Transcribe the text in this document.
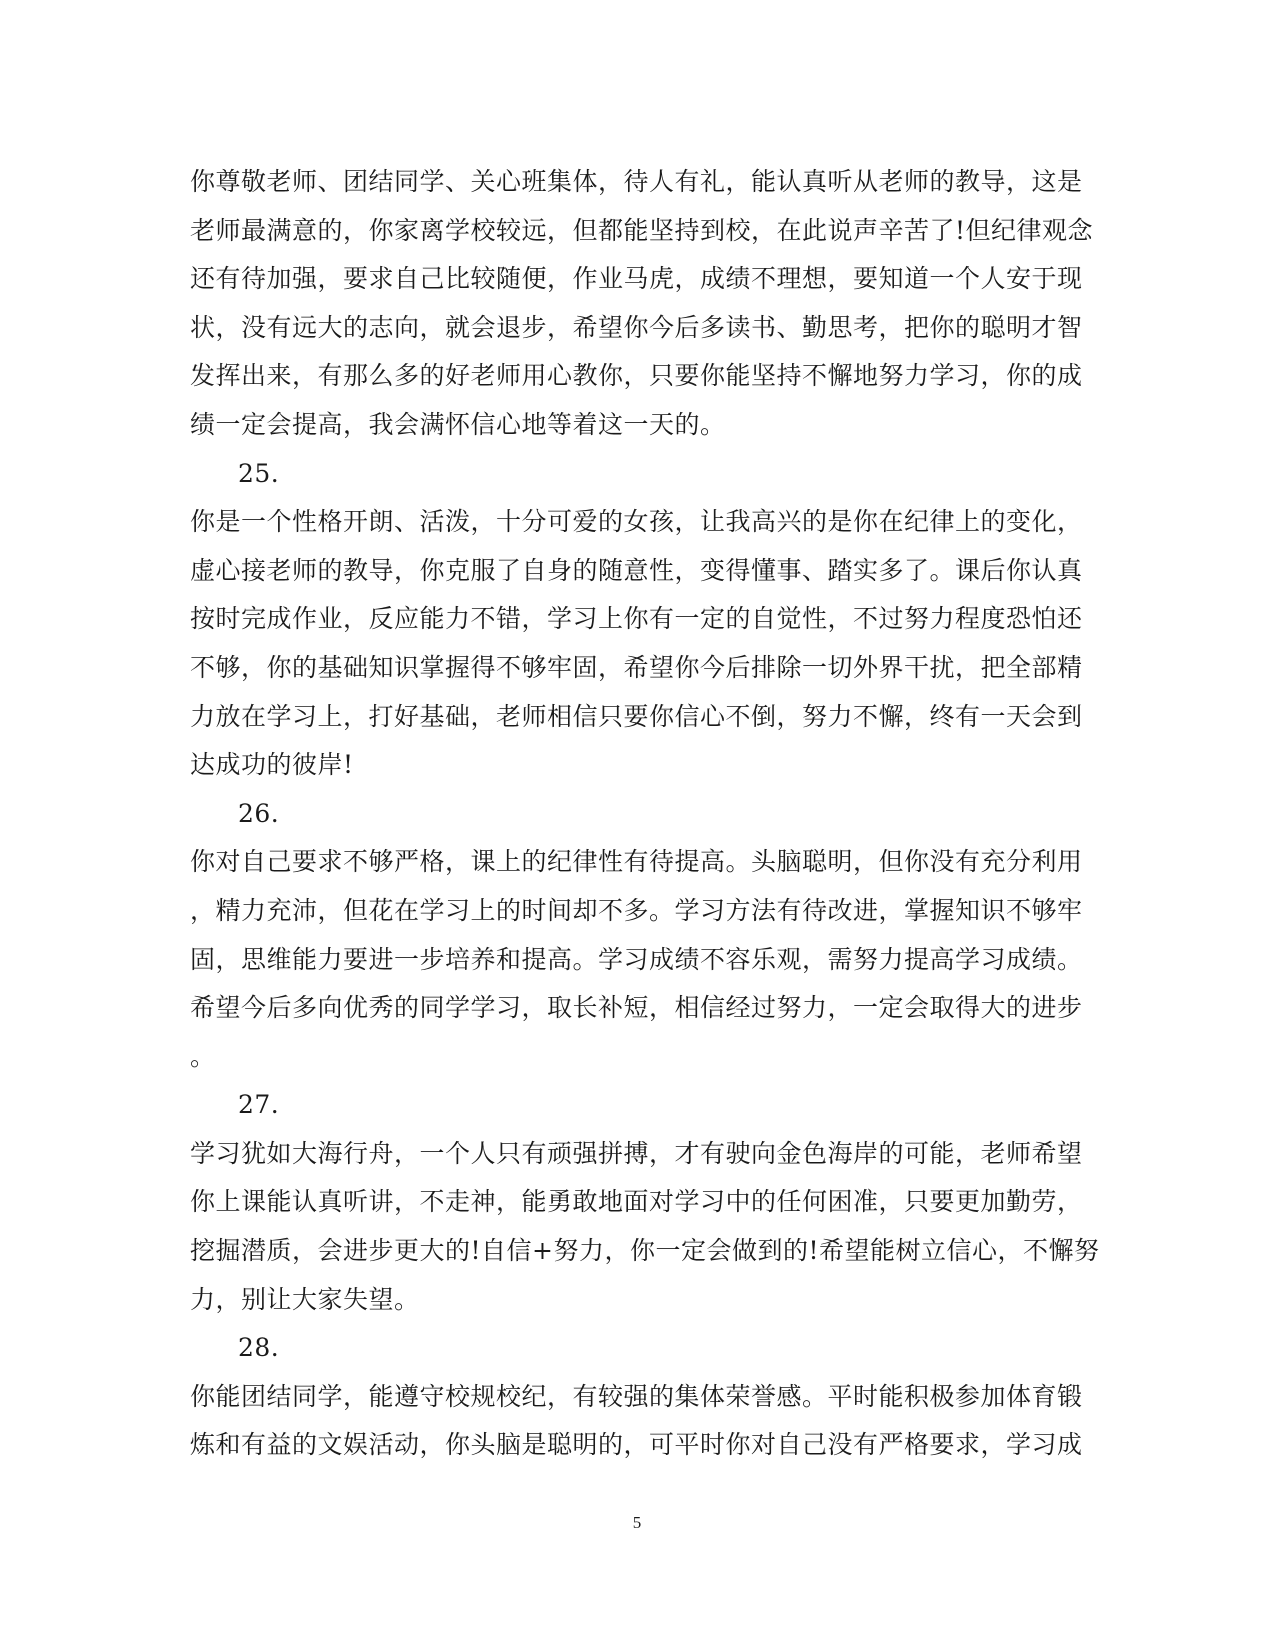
你尊敬老师、团结同学、关心班集体，待人有礼，能认真听从老师的教导，这是
老师最满意的，你家离学校较远，但都能坚持到校，在此说声辛苦了!但纪律观念
还有待加强，要求自己比较随便，作业马虎，成绩不理想，要知道一个人安于现
状，没有远大的志向，就会退步，希望你今后多读书、勤思考，把你的聪明才智
发挥出来，有那么多的好老师用心教你，只要你能坚持不懈地努力学习，你的成
绩一定会提高，我会满怀信心地等着这一天的。
25.
你是一个性格开朗、活泼，十分可爱的女孩，让我高兴的是你在纪律上的变化，
虚心接老师的教导，你克服了自身的随意性，变得懂事、踏实多了。课后你认真
按时完成作业，反应能力不错，学习上你有一定的自觉性，不过努力程度恐怕还
不够，你的基础知识掌握得不够牢固，希望你今后排除一切外界干扰，把全部精
力放在学习上，打好基础，老师相信只要你信心不倒，努力不懈，终有一天会到
达成功的彼岸!
26.
你对自己要求不够严格，课上的纪律性有待提高。头脑聪明，但你没有充分利用
，精力充沛，但花在学习上的时间却不多。学习方法有待改进，掌握知识不够牢
固，思维能力要进一步培养和提高。学习成绩不容乐观，需努力提高学习成绩。
希望今后多向优秀的同学学习，取长补短，相信经过努力，一定会取得大的进步
。
27.
学习犹如大海行舟，一个人只有顽强拼搏，才有驶向金色海岸的可能，老师希望
你上课能认真听讲，不走神，能勇敢地面对学习中的任何困准，只要更加勤劳，
挖掘潜质，会进步更大的!自信+努力，你一定会做到的!希望能树立信心，不懈努
力，别让大家失望。
28.
你能团结同学，能遵守校规校纪，有较强的集体荣誉感。平时能积极参加体育锻
炼和有益的文娱活动，你头脑是聪明的，可平时你对自己没有严格要求，学习成
5
